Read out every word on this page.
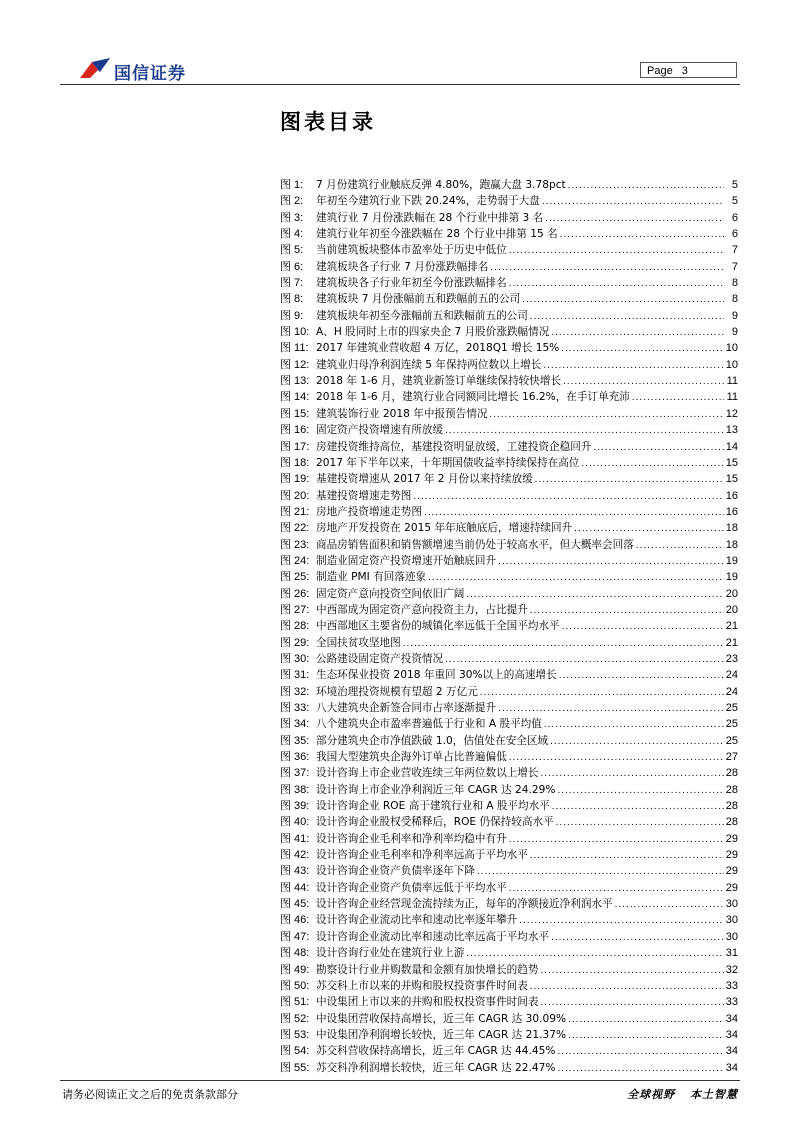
国信证券	Page 3
图表目录
图 1:	7 月份建筑行业触底反弹 4.80%，跑赢大盘 3.78pct .....	5
图 2:	年初至今建筑行业下跌 20.24%，走势弱于大盘 .....	5
图 3:	建筑行业 7 月份涨跌幅在 28 个行业中排第 3 名 .....	6
图 4:	建筑行业年初至今涨跌幅在 28 个行业中排第 15 名 .....	6
图 5:	当前建筑板块整体市盈率处于历史中低位 .....	7
图 6:	建筑板块各子行业 7 月份涨跌幅排名 .....	7
图 7:	建筑板块各子行业年初至今份涨跌幅排名 .....	8
图 8:	建筑板块 7 月份涨幅前五和跌幅前五的公司 .....	8
图 9:	建筑板块年初至今涨幅前五和跌幅前五的公司 .....	9
图 10: A、H 股同时上市的四家央企 7 月股价涨跌幅情况 .....	9
图 11: 2017 年建筑业营收超 4 万亿，2018Q1 增长 15% .....	10
图 12: 建筑业归母净利润连续 5 年保持两位数以上增长 .....	10
图 13: 2018 年 1-6 月，建筑业新签订单继续保持较快增长 .....	11
图 14: 2018 年 1-6 月，建筑行业合同额同比增长 16.2%，在手订单充沛 .....	11
图 15: 建筑装饰行业 2018 年中报预告情况 .....	12
图 16: 固定资产投资增速有所放缓 .....	13
图 17: 房建投资维持高位，基建投资明显放缓，工建投资企稳回升 .....	14
图 18: 2017 年下半年以来，十年期国债收益率持续保持在高位 .....	15
图 19: 基建投资增速从 2017 年 2 月份以来持续放缓 .....	15
图 20: 基建投资增速走势图 .....	16
图 21: 房地产投资增速走势图 .....	16
图 22: 房地产开发投资在 2015 年年底触底后，增速持续回升 .....	18
图 23: 商品房销售面积和销售额增速当前仍处于较高水平，但大概率会回落 .....	18
图 24: 制造业固定资产投资增速开始触底回升 .....	19
图 25: 制造业 PMI 有回落迹象 .....	19
图 26: 固定资产意向投资空间依旧广阔 .....	20
图 27: 中西部成为固定资产意向投资主力，占比提升 .....	20
图 28: 中西部地区主要省份的城镇化率远低于全国平均水平 .....	21
图 29: 全国扶贫攻坚地图 .....	21
图 30: 公路建设固定资产投资情况 .....	23
图 31: 生态环保业投资 2018 年重回 30%以上的高速增长 .....	24
图 32: 环境治理投资规模有望超 2 万亿元 .....	24
图 33: 八大建筑央企新签合同市占率逐渐提升 .....	25
图 34: 八个建筑央企市盈率普遍低于行业和 A 股平均值 .....	25
图 35: 部分建筑央企市净值跌破 1.0，估值处在安全区域 .....	25
图 36: 我国大型建筑央企海外订单占比普遍偏低 .....	27
图 37: 设计咨询上市企业营收连续三年两位数以上增长 .....	28
图 38: 设计咨询上市企业净利润近三年 CAGR 达 24.29% .....	28
图 39: 设计咨询企业 ROE 高于建筑行业和 A 股平均水平 .....	28
图 40: 设计咨询企业股权受稀释后，ROE 仍保持较高水平 .....	28
图 41: 设计咨询企业毛利率和净利率均稳中有升 .....	29
图 42: 设计咨询企业毛利率和净利率远高于平均水平 .....	29
图 43: 设计咨询企业资产负债率逐年下降 .....	29
图 44: 设计咨询企业资产负债率远低于平均水平 .....	29
图 45: 设计咨询企业经营现金流持续为正，每年的净额接近净利润水平 .....	30
图 46: 设计咨询企业流动比率和速动比率逐年攀升 .....	30
图 47: 设计咨询企业流动比率和速动比率远高于平均水平 .....	30
图 48: 设计咨询行业处在建筑行业上游 .....	31
图 49: 勘察设计行业并购数量和金额有加快增长的趋势 .....	32
图 50: 苏交科上市以来的并购和股权投资事件时间表 .....	33
图 51: 中设集团上市以来的并购和股权投资事件时间表 .....	33
图 52: 中设集团营收保持高增长，近三年 CAGR 达 30.09% .....	34
图 53: 中设集团净利润增长较快，近三年 CAGR 达 21.37% .....	34
图 54: 苏交科营收保持高增长，近三年 CAGR 达 44.45% .....	34
图 55: 苏交科净利润增长较快，近三年 CAGR 达 22.47% .....	34
请务必阅读正文之后的免责条款部分	全球视野 本土智慧
